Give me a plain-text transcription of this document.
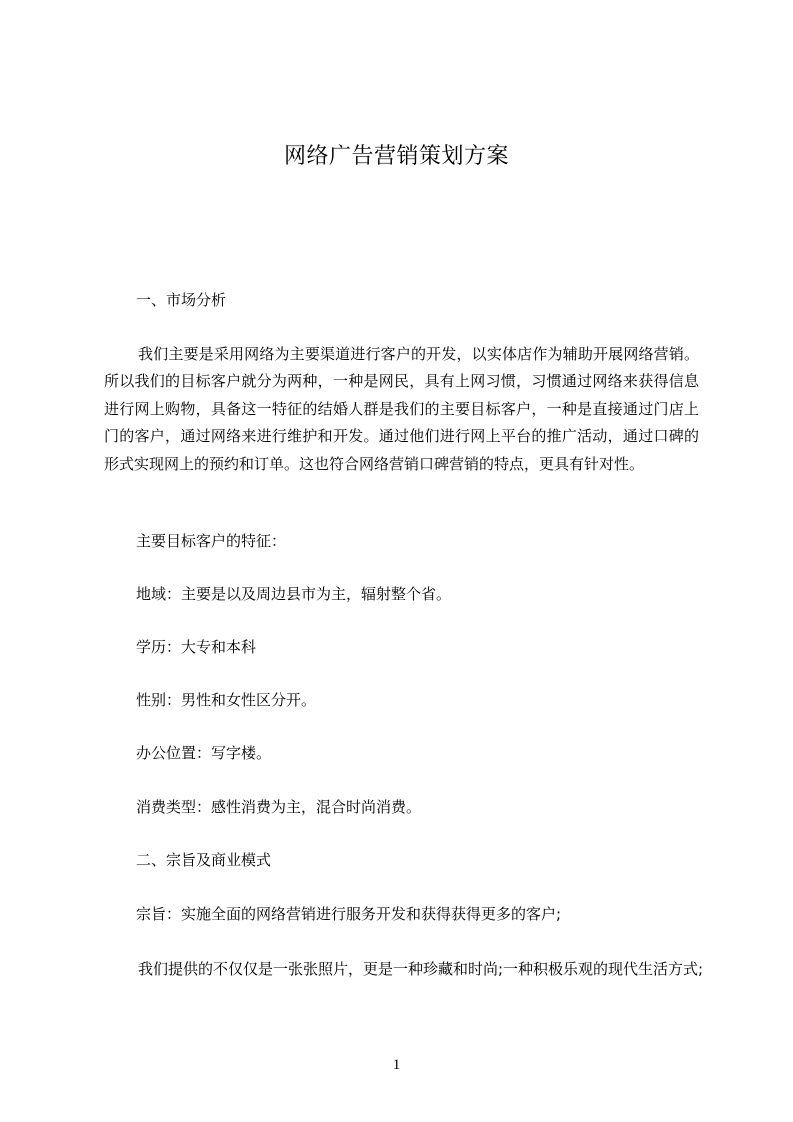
网络广告营销策划方案
一、市场分析

我们主要是采用网络为主要渠道进行客户的开发，以实体店作为辅助开展网络营销。所以我们的目标客户就分为两种，一种是网民，具有上网习惯，习惯通过网络来获得信息进行网上购物，具备这一特征的结婚人群是我们的主要目标客户，一种是直接通过门店上门的客户，通过网络来进行维护和开发。通过他们进行网上平台的推广活动，通过口碑的形式实现网上的预约和订单。这也符合网络营销口碑营销的特点，更具有针对性。

主要目标客户的特征：
地域：主要是以及周边县市为主，辐射整个省。
学历：大专和本科
性别：男性和女性区分开。
办公位置：写字楼。
消费类型：感性消费为主，混合时尚消费。
二、宗旨及商业模式
宗旨：实施全面的网络营销进行服务开发和获得获得更多的客户;

我们提供的不仅仅是一张张照片，更是一种珍藏和时尚;一种积极乐观的现代生活方式;

1
